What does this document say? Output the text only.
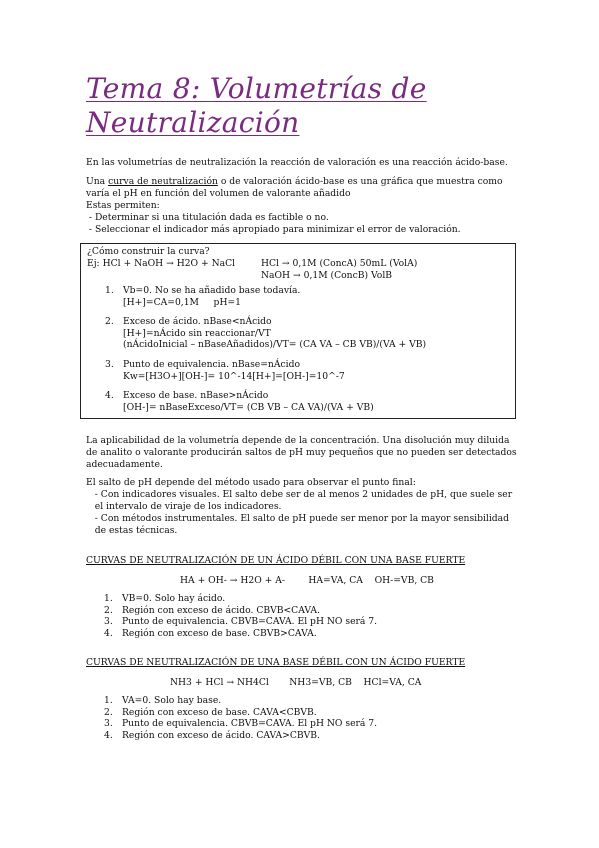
Tema 8: Volumetrías de
Neutralización
En las volumetrías de neutralización la reacción de valoración es una reacción ácido-base.
Una curva de neutralización o de valoración ácido-base es una gráfica que muestra como
varía el pH en función del volumen de valorante añadido
Estas permiten:
- Determinar si una titulación dada es factible o no.
- Seleccionar el indicador más apropiado para minimizar el error de valoración.
¿Cómo construir la curva?
Ej: HCl + NaOH → H2O + NaCl	HCl → 0,1M (ConcA) 50mL (VolA)
NaOH → 0,1M (ConcB) VolB
1. Vb=0. No se ha añadido base todavía.
[H+]=CA=0,1M     pH=1
2. Exceso de ácido. nBase<nÁcido
[H+]=nÁcido sin reaccionar/VT
(nÁcidoInicial – nBaseAñadidos)/VT= (CA VA – CB VB)/(VA + VB)
3. Punto de equivalencia. nBase=nÁcido
Kw=[H3O+][OH-]= 10^-14[H+]=[OH-]=10^-7
4. Exceso de base. nBase>nÁcido
[OH-]= nBaseExceso/VT= (CB VB – CA VA)/(VA + VB)
La aplicabilidad de la volumetría depende de la concentración. Una disolución muy diluida
de analito o valorante producirán saltos de pH muy pequeños que no pueden ser detectados
adecuadamente.
El salto de pH depende del método usado para observar el punto final:
- Con indicadores visuales. El salto debe ser de al menos 2 unidades de pH, que suele ser
el intervalo de viraje de los indicadores.
- Con métodos instrumentales. El salto de pH puede ser menor por la mayor sensibilidad
de estas técnicas.
CURVAS DE NEUTRALIZACIÓN DE UN ÁCIDO DÉBIL CON UNA BASE FUERTE
HA + OH- → H2O + A-        HA=VA, CA    OH-=VB, CB
1. VB=0. Solo hay ácido.
2. Región con exceso de ácido. CBVB<CAVA.
3. Punto de equivalencia. CBVB=CAVA. El pH NO será 7.
4. Región con exceso de base. CBVB>CAVA.
CURVAS DE NEUTRALIZACIÓN DE UNA BASE DÉBIL CON UN ÁCIDO FUERTE
NH3 + HCl → NH4Cl       NH3=VB, CB    HCl=VA, CA
1. VA=0. Solo hay base.
2. Región con exceso de base. CAVA<CBVB.
3. Punto de equivalencia. CBVB=CAVA. El pH NO será 7.
4. Región con exceso de ácido. CAVA>CBVB.
